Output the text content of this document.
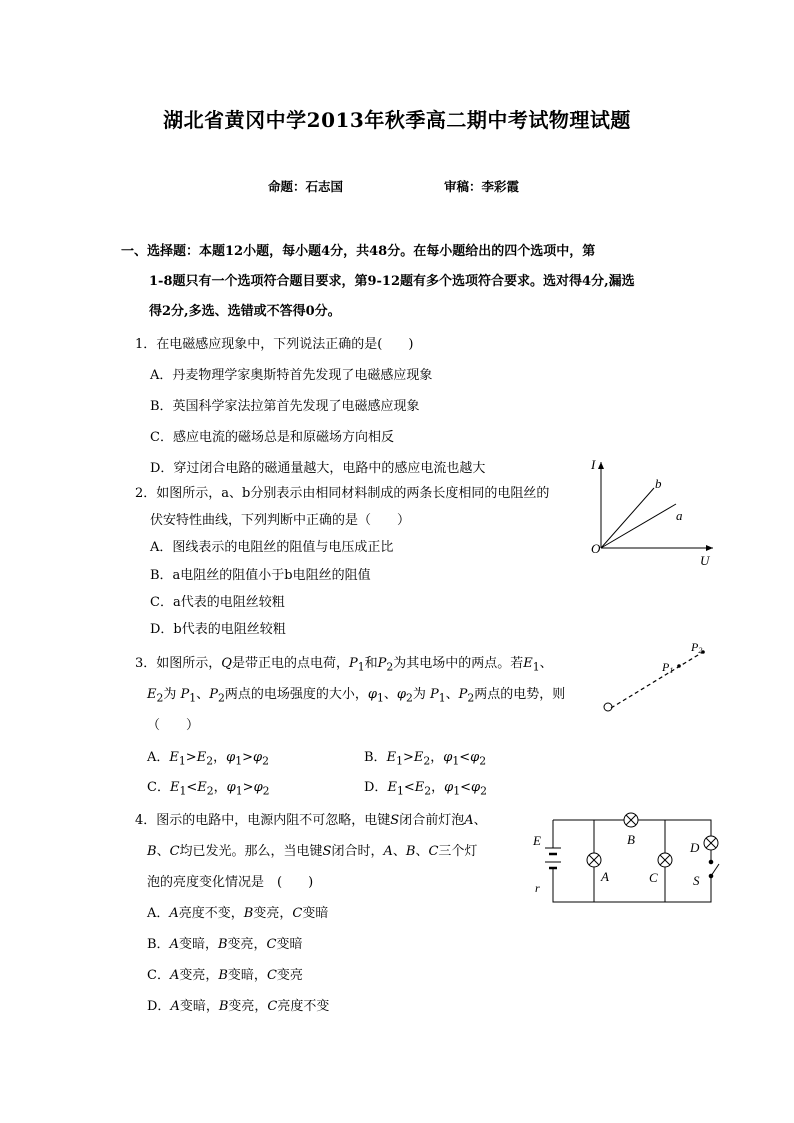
湖北省黄冈中学2013年秋季高二期中考试物理试题
命题：石志国	审稿：李彩霞
一、选择题：本题12小题，每小题4分，共48分。在每小题给出的四个选项中，第
1-8题只有一个选项符合题目要求，第9-12题有多个选项符合要求。选对得4分,漏选
得2分,多选、选错或不答得0分。
1．在电磁感应现象中，下列说法正确的是(　　)
A．丹麦物理学家奥斯特首先发现了电磁感应现象
B．英国科学家法拉第首先发现了电磁感应现象
C．感应电流的磁场总是和原磁场方向相反
D．穿过闭合电路的磁通量越大，电路中的感应电流也越大
2．如图所示，a、b分别表示由相同材料制成的两条长度相同的电阻丝的
伏安特性曲线，下列判断中正确的是（　　）
A．图线表示的电阻丝的阻值与电压成正比
B．a电阻丝的阻值小于b电阻丝的阻值
C．a代表的电阻丝较粗
D．b代表的电阻丝较粗
I
U
O
b
a
3．如图所示，Q是带正电的点电荷，$P_1$和$P_2$为其电场中的两点。若$E_1$、
$E_2$为 $P_1$、$P_2$两点的电场强度的大小，$\varphi_1$、$\varphi_2$为 $P_1$、$P_2$两点的电势，则
（　　）
A．$E_1>E_2$，$\varphi_1>\varphi_2$	B．$E_1>E_2$，$\varphi_1<\varphi_2$
C．$E_1<E_2$，$\varphi_1>\varphi_2$	D．$E_1<E_2$，$\varphi_1<\varphi_2$
P1
P2
4．图示的电路中，电源内阻不可忽略，电键S闭合前灯泡A、
B、C均已发光。那么，当电键S闭合时，A、B、C三个灯
泡的亮度变化情况是　(　　)
A．A亮度不变，B变亮，C变暗
B．A变暗，B变亮，C变暗
C．A变亮，B变暗，C变亮
D．A变暗，B变亮，C亮度不变
E
r
A
B
C
D
S
